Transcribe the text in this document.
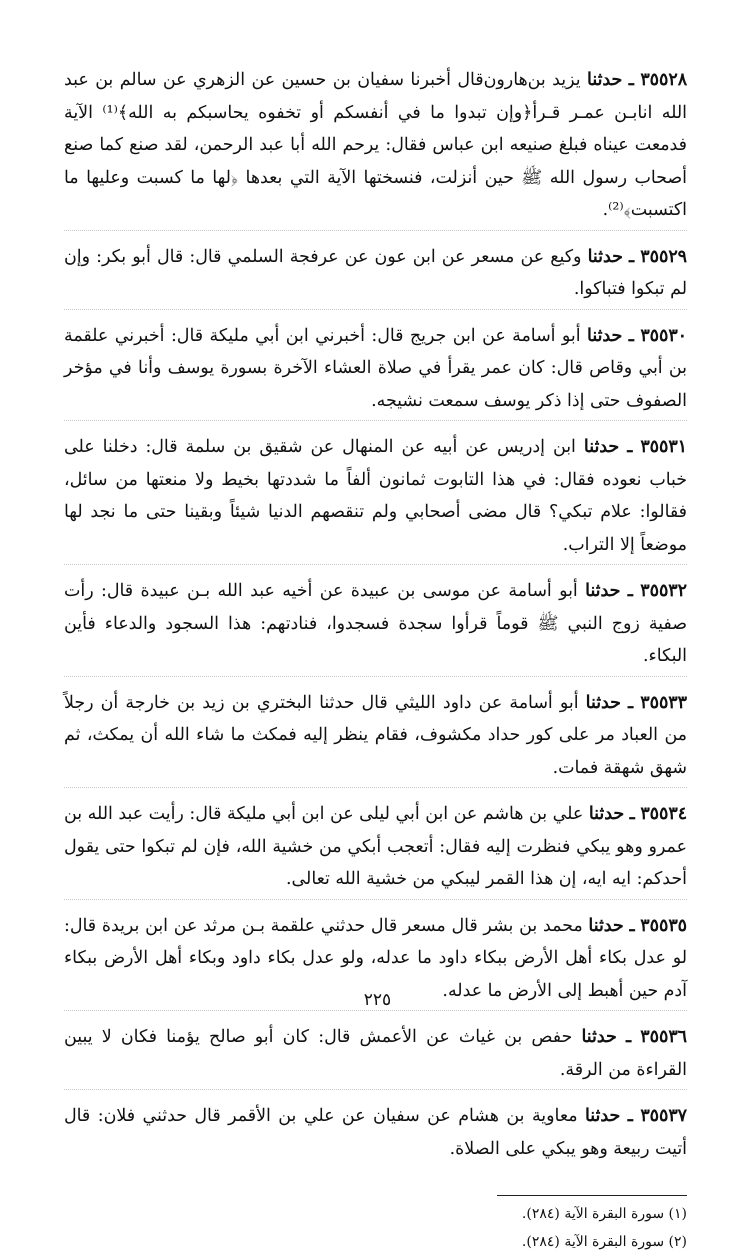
٣٥٥٢٨ ـ حدثنا يزيد بن‌هارون‌قال أخبرنا سفيان بن حسين عن الزهري عن سالم بن عبد الله انابـن عمـر قـرأ﴿وإن تبدوا ما في أنفسكم أو تخفوه يحاسبكم به الله﴾⁽¹⁾ الآية فدمعت عيناه فبلغ صنيعه ابن عباس فقال: يرحم الله أبا عبد الرحمن، لقد صنع كما صنع أصحاب رسول الله ﷺ حين أنزلت، فنسختها الآية التي بعدها ﴿لها ما كسبت وعليها ما اكتسبت﴾⁽²⁾.

٣٥٥٢٩ ـ حدثنا وكيع عن مسعر عن ابن عون عن عرفجة السلمي قال: قال أبو بكر: وإن لم تبكوا فتباكوا.

٣٥٥٣٠ ـ حدثنا أبو أسامة عن ابن جريج قال: أخبرني ابن أبي مليكة قال: أخبرني علقمة بن أبي وقاص قال: كان عمر يقرأ في صلاة العشاء الآخرة بسورة يوسف وأنا في مؤخر الصفوف حتى إذا ذكر يوسف سمعت نشيجه.

٣٥٥٣١ ـ حدثنا ابن إدريس عن أبيه عن المنهال عن شقيق بن سلمة قال: دخلنا على خباب نعوده فقال: في هذا التابوت ثمانون ألفاً ما شددتها بخيط ولا منعتها من سائل، فقالوا: علام تبكي؟ قال مضى أصحابي ولم تنقصهم الدنيا شيئاً وبقينا حتى ما نجد لها موضعاً إلا التراب.

٣٥٥٣٢ ـ حدثنا أبو أسامة عن موسى بن عبيدة عن أخيه عبد الله بـن عبيدة قال: رأت صفية زوج النبي ﷺ قوماً قرأوا سجدة فسجدوا، فنادتهم: هذا السجود والدعاء فأين البكاء.

٣٥٥٣٣ ـ حدثنا أبو أسامة عن داود الليثي قال حدثنا البختري بن زيد بن خارجة أن رجلاً من العباد مر على كور حداد مكشوف، فقام ينظر إليه فمكث ما شاء الله أن يمكث، ثم شهق شهقة فمات.

٣٥٥٣٤ ـ حدثنا علي بن هاشم عن ابن أبي ليلى عن ابن أبي مليكة قال: رأيت عبد الله بن عمرو وهو يبكي فنظرت إليه فقال: أتعجب أبكي من خشية الله، فإن لم تبكوا حتى يقول أحدكم: ايه ايه، إن هذا القمر ليبكي من خشية الله تعالى.

٣٥٥٣٥ ـ حدثنا محمد بن بشر قال مسعر قال حدثني علقمة بـن مرثد عن ابن بريدة قال: لو عدل بكاء أهل الأرض ببكاء داود ما عدله، ولو عدل بكاء داود وبكاء أهل الأرض ببكاء آدم حين أهبط إلى الأرض ما عدله.

٣٥٥٣٦ ـ حدثنا حفص بن غياث عن الأعمش قال: كان أبو صالح يؤمنا فكان لا يبين القراءة من الرقة.

٣٥٥٣٧ ـ حدثنا معاوية بن هشام عن سفيان عن علي بن الأقمر قال حدثني فلان: قال أتيت ربيعة وهو يبكي على الصلاة.

(١) سورة البقرة الآية (٢٨٤).
(٢) سورة البقرة الآية (٢٨٤).
٢٢٥
